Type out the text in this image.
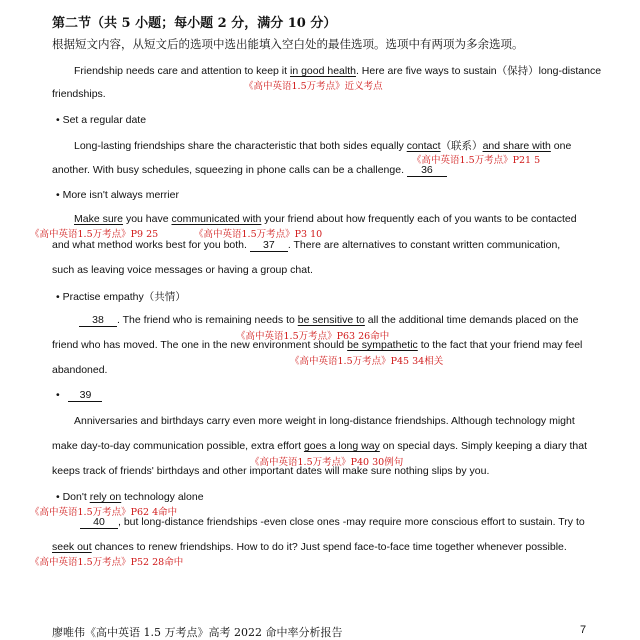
第二节（共 5 小题；每小题 2 分，满分 10 分）
根据短文内容，从短文后的选项中选出能填入空白处的最佳选项。选项中有两项为多余选项。
Friendship needs care and attention to keep it in good health. Here are five ways to sustain（保持）long-distance
《高中英语1.5万考点》近义考点
friendships.
• Set a regular date
Long-lasting friendships share the characteristic that both sides equally contact（联系）and share with one
《高中英语1.5万考点》P21 5
another. With busy schedules, squeezing in phone calls can be a challenge. 36
• More isn't always merrier
Make sure you have communicated with your friend about how frequently each of you wants to be contacted
《高中英语1.5万考点》P9 25	《高中英语1.5万考点》P3 10
and what method works best for you both. 37 . There are alternatives to constant written communication,
such as leaving voice messages or having a group chat.
• Practise empathy（共情）
38 . The friend who is remaining needs to be sensitive to all the additional time demands placed on the
《高中英语1.5万考点》P63 26命中
friend who has moved. The one in the new environment should be sympathetic to the fact that your friend may feel
《高中英语1.5万考点》P45 34相关
abandoned.
• 39
Anniversaries and birthdays carry even more weight in long-distance friendships. Although technology might
make day-to-day communication possible, extra effort goes a long way on special days. Simply keeping a diary that
《高中英语1.5万考点》P40 30例句
keeps track of friends' birthdays and other important dates will make sure nothing slips by you.
• Don't rely on technology alone
《高中英语1.5万考点》P62 4命中
40 , but long-distance friendships -even close ones -may require more conscious effort to sustain. Try to
seek out chances to renew friendships. How to do it? Just spend face-to-face time together whenever possible.
《高中英语1.5万考点》P52 28命中
廖唯伟《高中英语 1.5 万考点》高考 2022 命中率分析报告	7
